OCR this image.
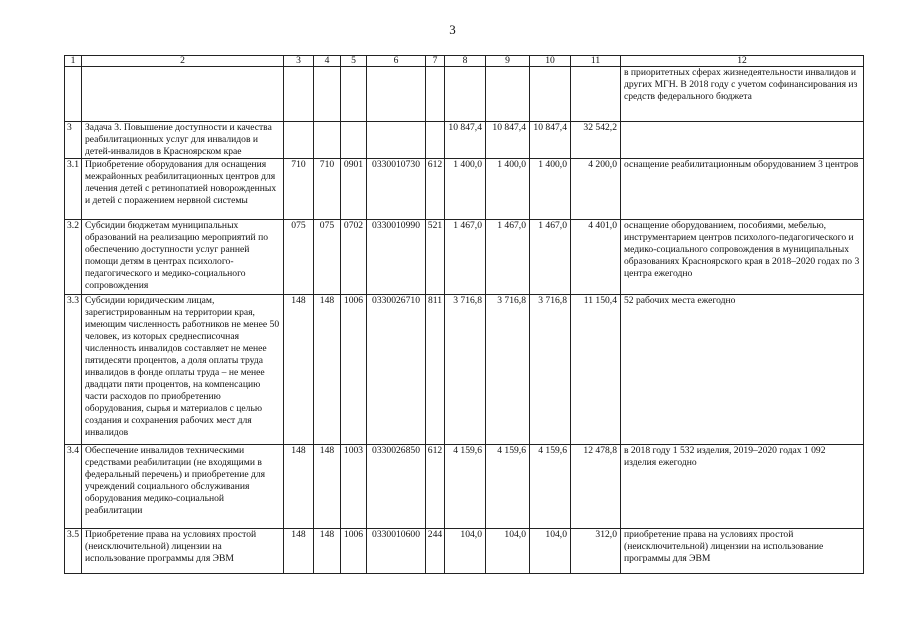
3
1	2	3	4	5	6	7	8	9	10	11	12
											в приоритетных сферах жизнедеятельности инвалидов и других МГН. В 2018 году с учетом софинансирования из средств федерального бюджета
3	Задача 3. Повышение доступности и качества реабилитационных услуг для инвалидов и детей-инвалидов в Красноярском крае						10 847,4	10 847,4	10 847,4	32 542,2	
3.1	Приобретение оборудования для оснащения межрайонных реабилитационных центров для лечения детей с ретинопатией новорожденных и детей с поражением нервной системы	710	710	0901	0330010730	612	1 400,0	1 400,0	1 400,0	4 200,0	оснащение реабилитационным оборудованием 3 центров
3.2	Субсидии бюджетам муниципальных образований на реализацию мероприятий по обеспечению доступности услуг ранней помощи детям в центрах психолого-педагогического и медико-социального сопровождения	075	075	0702	0330010990	521	1 467,0	1 467,0	1 467,0	4 401,0	оснащение оборудованием, пособиями, мебелью, инструментарием центров психолого-педагогического и медико-социального сопровождения в муниципальных образованиях Красноярского края в 2018–2020 годах по 3 центра ежегодно
3.3	Субсидии юридическим лицам, зарегистрированным на территории края, имеющим численность работников не менее 50 человек, из которых среднесписочная численность инвалидов составляет не менее пятидесяти процентов, а доля оплаты труда инвалидов в фонде оплаты труда – не менее двадцати пяти процентов, на компенсацию части расходов по приобретению оборудования, сырья и материалов с целью создания и сохранения рабочих мест для инвалидов	148	148	1006	0330026710	811	3 716,8	3 716,8	3 716,8	11 150,4	52 рабочих места ежегодно
3.4	Обеспечение инвалидов техническими средствами реабилитации (не входящими в федеральный перечень) и приобретение для учреждений социального обслуживания оборудования медико-социальной реабилитации	148	148	1003	0330026850	612	4 159,6	4 159,6	4 159,6	12 478,8	в 2018 году 1 532 изделия, 2019–2020 годах 1 092 изделия ежегодно
3.5	Приобретение права на условиях простой (неисключительной) лицензии на использование программы для ЭВМ	148	148	1006	0330010600	244	104,0	104,0	104,0	312,0	приобретение права на условиях простой (неисключительной) лицензии на использование программы для ЭВМ
